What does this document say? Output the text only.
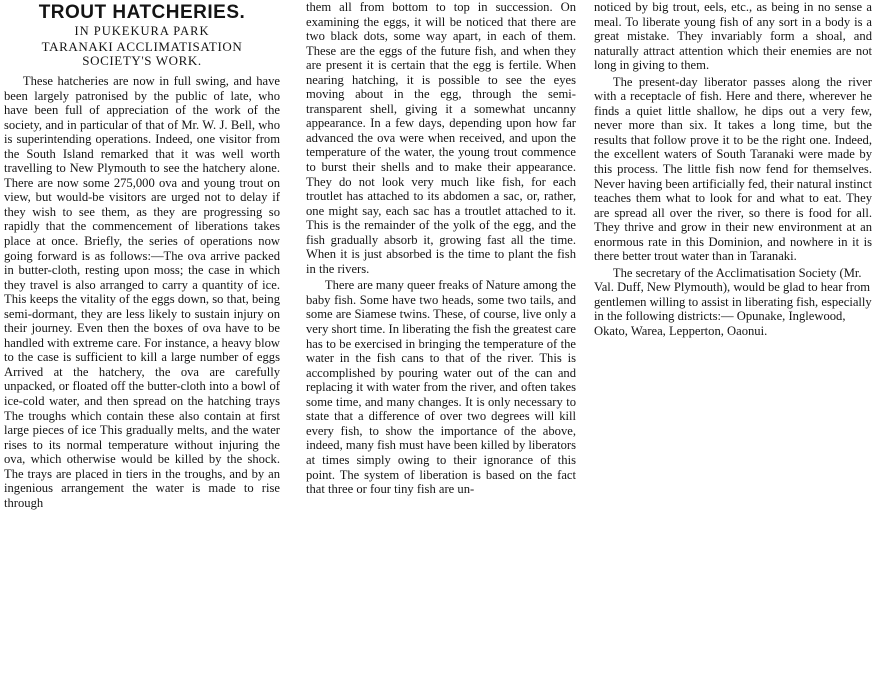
TROUT HATCHERIES.
IN PUKEKURA PARK
TARANAKI ACCLIMATISATION
SOCIETY'S WORK.

These hatcheries are now in full swing, and have been largely patronised by the public of late, who have been full of appreciation of the work of the society, and in particular of that of Mr. W. J. Bell, who is superintending operations. Indeed, one visitor from the South Island remarked that it was well worth travelling to New Plymouth to see the hatchery alone. There are now some 275,000 ova and young trout on view, but would-be visitors are urged not to delay if they wish to see them, as they are progressing so rapidly that the commencement of liberations takes place at once. Briefly, the series of operations now going forward is as follows:—The ova arrive packed in butter-cloth, resting upon moss; the case in which they travel is also arranged to carry a quantity of ice. This keeps the vitality of the eggs down, so that, being semi-dormant, they are less likely to sustain injury on their journey. Even then the boxes of ova have to be handled with extreme care. For instance, a heavy blow to the case is sufficient to kill a large number of eggs Arrived at the hatchery, the ova are carefully unpacked, or floated off the butter-cloth into a bowl of ice-cold water, and then spread on the hatching trays The troughs which contain these also contain at first large pieces of ice This gradually melts, and the water rises to its normal temperature without injuring the ova, which otherwise would be killed by the shock. The trays are placed in tiers in the troughs, and by an ingenious arrangement the water is made to rise through

them all from bottom to top in succession. On examining the eggs, it will be noticed that there are two black dots, some way apart, in each of them. These are the eggs of the future fish, and when they are present it is certain that the egg is fertile. When nearing hatching, it is possible to see the eyes moving about in the egg, through the semi-transparent shell, giving it a somewhat uncanny appearance. In a few days, depending upon how far advanced the ova were when received, and upon the temperature of the water, the young trout commence to burst their shells and to make their appearance. They do not look very much like fish, for each troutlet has attached to its abdomen a sac, or, rather, one might say, each sac has a troutlet attached to it. This is the remainder of the yolk of the egg, and the fish gradually absorb it, growing fast all the time. When it is just absorbed is the time to plant the fish in the rivers.

There are many queer freaks of Nature among the baby fish. Some have two heads, some two tails, and some are Siamese twins. These, of course, live only a very short time. In liberating the fish the greatest care has to be exercised in bringing the temperature of the water in the fish cans to that of the river. This is accomplished by pouring water out of the can and replacing it with water from the river, and often takes some time, and many changes. It is only necessary to state that a difference of over two degrees will kill every fish, to show the importance of the above, indeed, many fish must have been killed by liberators at times simply owing to their ignorance of this point. The system of liberation is based on the fact that three or four tiny fish are un-

noticed by big trout, eels, etc., as being in no sense a meal. To liberate young fish of any sort in a body is a great mistake. They invariably form a shoal, and naturally attract attention which their enemies are not long in giving to them.

The present-day liberator passes along the river with a receptacle of fish. Here and there, wherever he finds a quiet little shallow, he dips out a very few, never more than six. It takes a long time, but the results that follow prove it to be the right one. Indeed, the excellent waters of South Taranaki were made by this process. The little fish now fend for themselves. Never having been artificially fed, their natural instinct teaches them what to look for and what to eat. They are spread all over the river, so there is food for all. They thrive and grow in their new environment at an enormous rate in this Dominion, and nowhere in it is there better trout water than in Taranaki.

The secretary of the Acclimatisation Society (Mr. Val. Duff, New Plymouth), would be glad to hear from gentlemen willing to assist in liberating fish, especially in the following districts:— Opunake, Inglewood, Okato, Warea, Lepperton, Oaonui.
